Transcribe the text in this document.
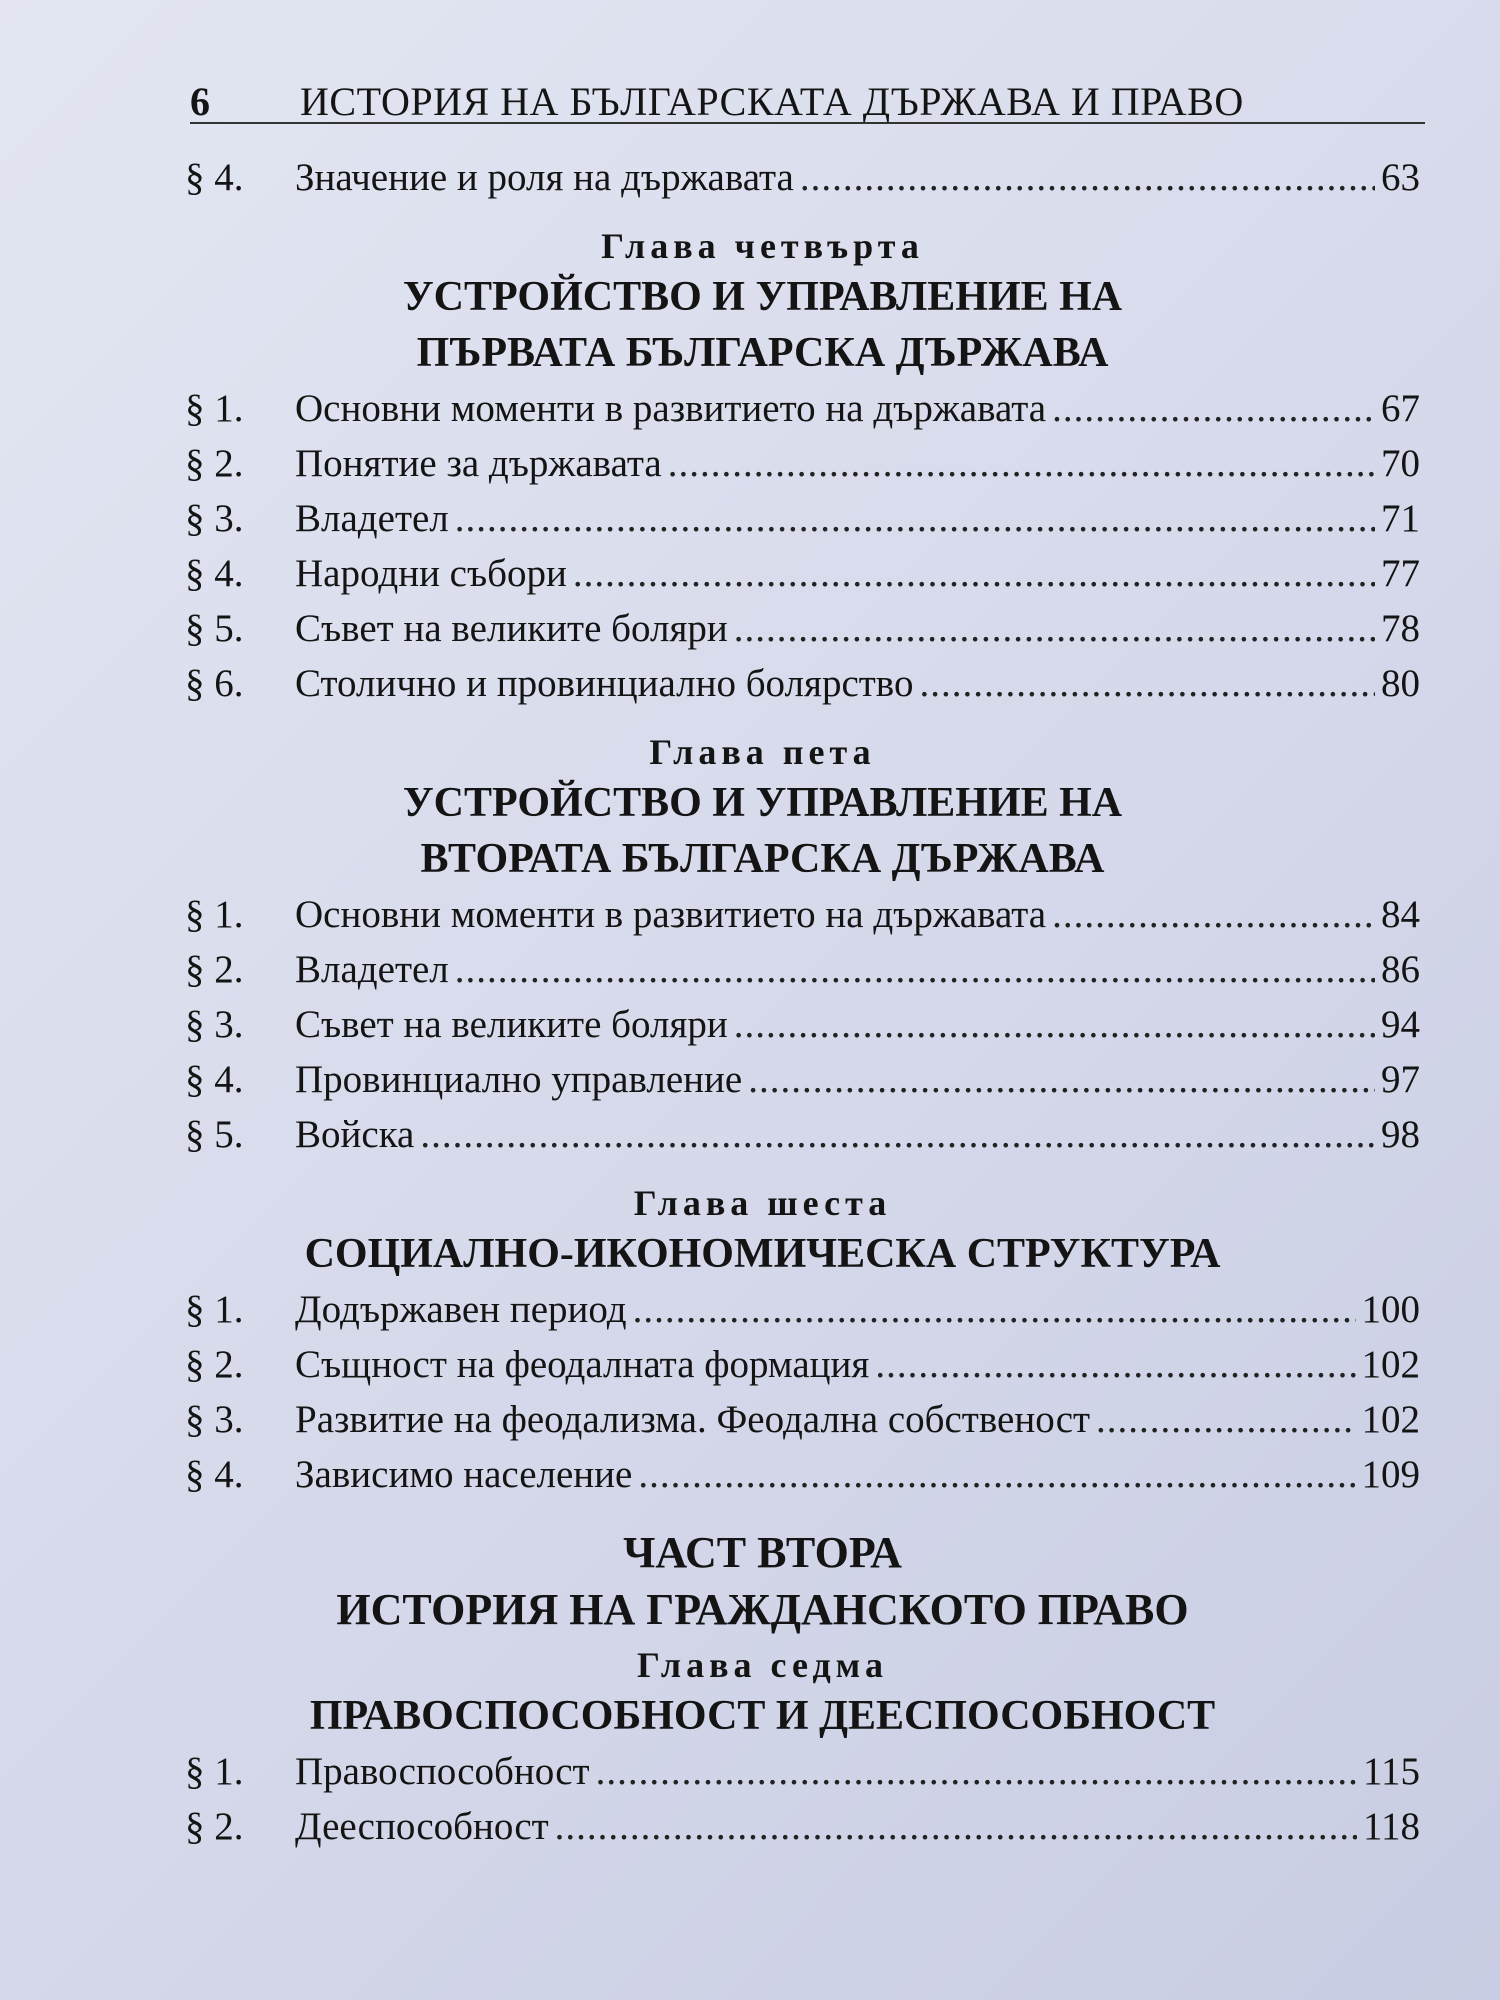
6	ИСТОРИЯ НА БЪЛГАРСКАТА ДЪРЖАВА И ПРАВО
§ 4.	Значение и роля на държавата .....	63
Глава четвърта
УСТРОЙСТВО И УПРАВЛЕНИЕ НА
ПЪРВАТА БЪЛГАРСКА ДЪРЖАВА
§ 1.	Основни моменти в развитието на държавата .....	67
§ 2.	Понятие за държавата .....	70
§ 3.	Владетел .....	71
§ 4.	Народни събори .....	77
§ 5.	Съвет на великите боляри .....	78
§ 6.	Столично и провинциално болярство .....	80
Глава пета
УСТРОЙСТВО И УПРАВЛЕНИЕ НА
ВТОРАТА БЪЛГАРСКА ДЪРЖАВА
§ 1.	Основни моменти в развитието на държавата .....	84
§ 2.	Владетел .....	86
§ 3.	Съвет на великите боляри .....	94
§ 4.	Провинциално управление .....	97
§ 5.	Войска .....	98
Глава шеста
СОЦИАЛНО-ИКОНОМИЧЕСКА СТРУКТУРА
§ 1.	Додържавен период .....	100
§ 2.	Същност на феодалната формация .....	102
§ 3.	Развитие на феодализма. Феодална собственост .....	102
§ 4.	Зависимо население .....	109
ЧАСТ ВТОРА
ИСТОРИЯ НА ГРАЖДАНСКОТО ПРАВО
Глава седма
ПРАВОСПОСОБНОСТ И ДЕЕСПОСОБНОСТ
§ 1.	Правоспособност .....	115
§ 2.	Дееспособност .....	118
